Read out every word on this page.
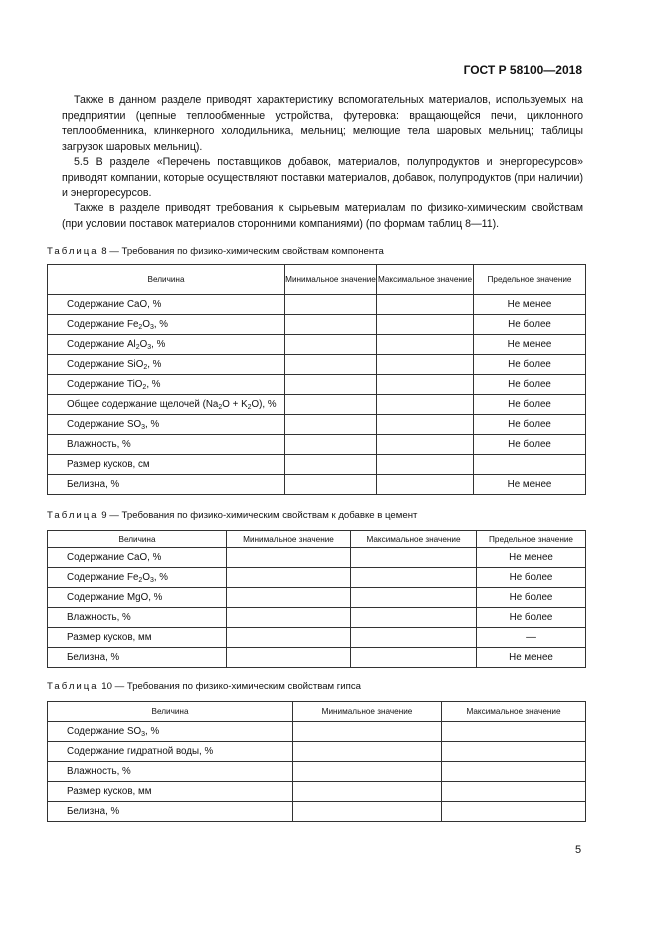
ГОСТ Р 58100—2018
Также в данном разделе приводят характеристику вспомогательных материалов, используемых на предприятии (цепные теплообменные устройства, футеровка: вращающейся печи, циклонного теплообменника, клинкерного холодильника, мельниц; мелющие тела шаровых мельниц; таблицы загрузок шаровых мельниц).
5.5 В разделе «Перечень поставщиков добавок, материалов, полупродуктов и энергоресурсов» приводят компании, которые осуществляют поставки материалов, добавок, полупродуктов (при наличии) и энергоресурсов.
Также в разделе приводят требования к сырьевым материалам по физико-химическим свойствам (при условии поставок материалов сторонними компаниями) (по формам таблиц 8—11).
Таблица 8 — Требования по физико-химическим свойствам компонента
Величина	Минимальное значение	Максимальное значение	Предельное значение
Содержание CaO, %			Не менее
Содержание $Fe_2O_3$, %			Не более
Содержание $Al_2O_3$, %			Не менее
Содержание SiO$_2$, %			Не более
Содержание TiO$_2$, %			Не более
Общее содержание щелочей $(Na_2O + K_2O)$, %			Не более
Содержание $SO_3$, %			Не более
Влажность, %			Не более
Размер кусков, см			
Белизна, %			Не менее
Таблица 9 — Требования по физико-химическим свойствам к добавке в цемент
Величина	Минимальное значение	Максимальное значение	Предельное значение
Содержание CaO, %			Не менее
Содержание $Fe_2O_3$, %			Не более
Содержание MgO, %			Не более
Влажность, %			Не более
Размер кусков, мм			—
Белизна, %			Не менее
Таблица 10 — Требования по физико-химическим свойствам гипса
Величина	Минимальное значение	Максимальное значение
Содержание $SO_3$, %		
Содержание гидратной воды, %		
Влажность, %		
Размер кусков, мм		
Белизна, %		
5
